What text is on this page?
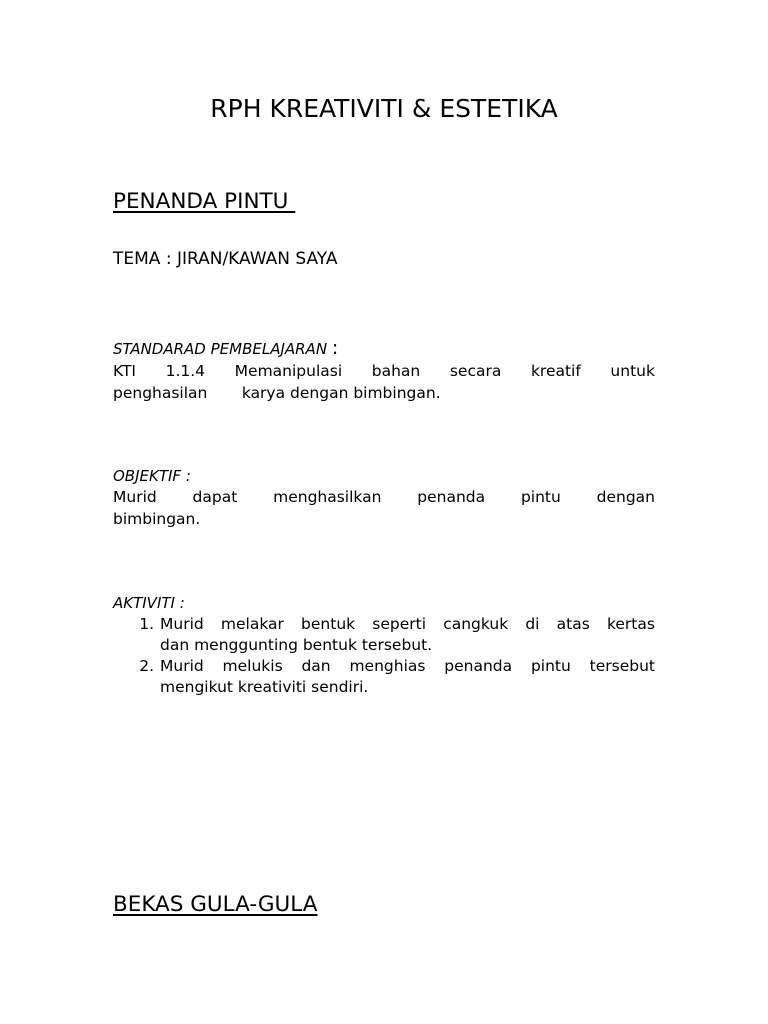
RPH KREATIVITI & ESTETIKA
PENANDA PINTU
TEMA : JIRAN/KAWAN SAYA
STANDARAD PEMBELAJARAN :
KTI 1.1.4 Memanipulasi bahan secara kreatif untuk
penghasilan       karya dengan bimbingan.
OBJEKTIF :
Murid dapat menghasilkan penanda pintu dengan
bimbingan.
AKTIVITI :
1. Murid melakar bentuk seperti cangkuk di atas kertas
dan menggunting bentuk tersebut.
2. Murid melukis dan menghias penanda pintu tersebut
mengikut kreativiti sendiri.
BEKAS GULA-GULA
